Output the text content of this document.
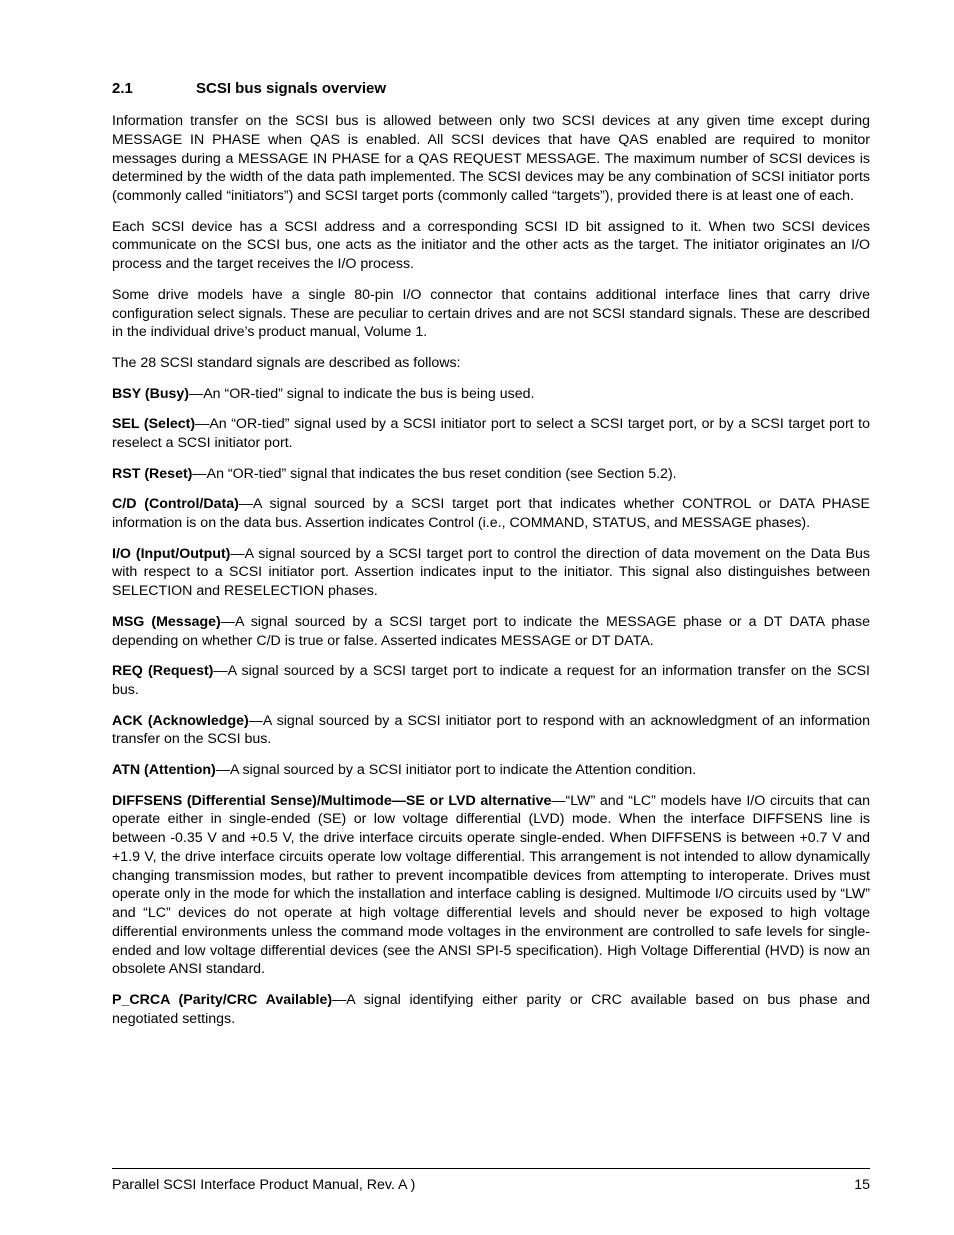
2.1	SCSI bus signals overview

Information transfer on the SCSI bus is allowed between only two SCSI devices at any given time except during MESSAGE IN PHASE when QAS is enabled. All SCSI devices that have QAS enabled are required to monitor messages during a MESSAGE IN PHASE for a QAS REQUEST MESSAGE. The maximum number of SCSI devices is determined by the width of the data path implemented. The SCSI devices may be any combination of SCSI initiator ports (commonly called “initiators”) and SCSI target ports (commonly called “targets”), provided there is at least one of each.

Each SCSI device has a SCSI address and a corresponding SCSI ID bit assigned to it. When two SCSI devices communicate on the SCSI bus, one acts as the initiator and the other acts as the target. The initiator originates an I/O process and the target receives the I/O process.

Some drive models have a single 80-pin I/O connector that contains additional interface lines that carry drive configuration select signals. These are peculiar to certain drives and are not SCSI standard signals. These are described in the individual drive’s product manual, Volume 1.

The 28 SCSI standard signals are described as follows:

BSY (Busy)—An “OR-tied” signal to indicate the bus is being used.

SEL (Select)—An “OR-tied” signal used by a SCSI initiator port to select a SCSI target port, or by a SCSI target port to reselect a SCSI initiator port.

RST (Reset)—An “OR-tied” signal that indicates the bus reset condition (see Section 5.2).

C/D (Control/Data)—A signal sourced by a SCSI target port that indicates whether CONTROL or DATA PHASE information is on the data bus. Assertion indicates Control (i.e., COMMAND, STATUS, and MESSAGE phases).

I/O (Input/Output)—A signal sourced by a SCSI target port to control the direction of data movement on the Data Bus with respect to a SCSI initiator port. Assertion indicates input to the initiator. This signal also distinguishes between SELECTION and RESELECTION phases.

MSG (Message)—A signal sourced by a SCSI target port to indicate the MESSAGE phase or a DT DATA phase depending on whether C/D is true or false. Asserted indicates MESSAGE or DT DATA.

REQ (Request)—A signal sourced by a SCSI target port to indicate a request for an information transfer on the SCSI bus.

ACK (Acknowledge)—A signal sourced by a SCSI initiator port to respond with an acknowledgment of an information transfer on the SCSI bus.

ATN (Attention)—A signal sourced by a SCSI initiator port to indicate the Attention condition.

DIFFSENS (Differential Sense)/Multimode—SE or LVD alternative—“LW” and “LC” models have I/O circuits that can operate either in single-ended (SE) or low voltage differential (LVD) mode. When the interface DIFFSENS line is between -0.35 V and +0.5 V, the drive interface circuits operate single-ended. When DIFFSENS is between +0.7 V and +1.9 V, the drive interface circuits operate low voltage differential. This arrangement is not intended to allow dynamically changing transmission modes, but rather to prevent incompatible devices from attempting to interoperate. Drives must operate only in the mode for which the installation and interface cabling is designed. Multimode I/O circuits used by “LW” and “LC” devices do not operate at high voltage differential levels and should never be exposed to high voltage differential environments unless the command mode voltages in the environment are controlled to safe levels for single-ended and low voltage differential devices (see the ANSI SPI-5 specification). High Voltage Differential (HVD) is now an obsolete ANSI standard.

P_CRCA (Parity/CRC Available)—A signal identifying either parity or CRC available based on bus phase and negotiated settings.

Parallel SCSI Interface Product Manual, Rev. A )	15
